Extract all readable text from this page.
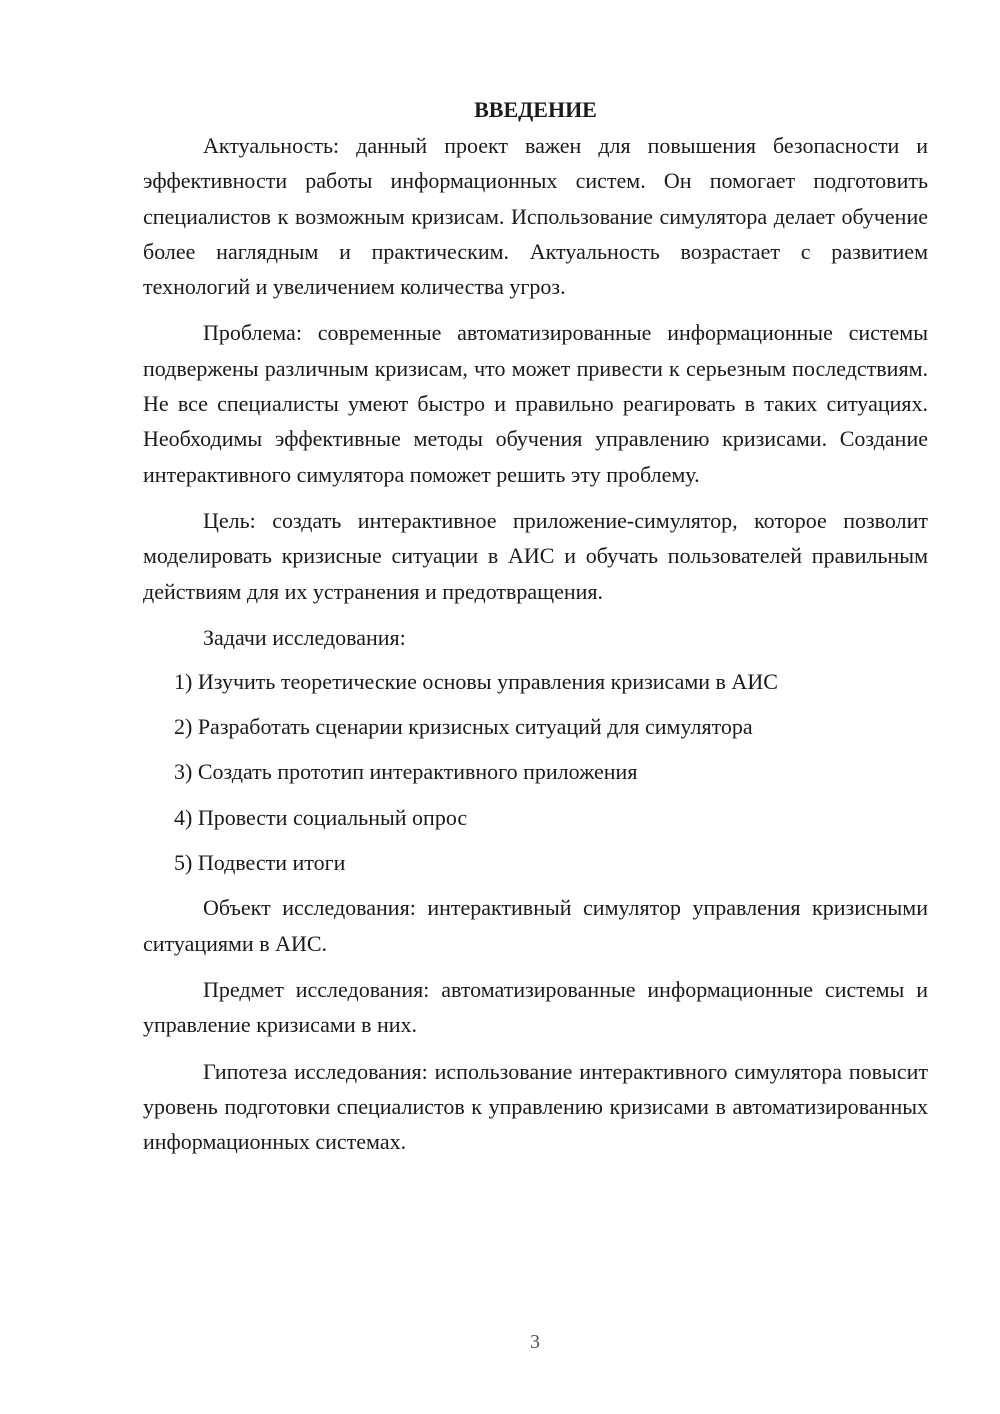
ВВЕДЕНИЕ

Актуальность: данный проект важен для повышения безопасности и эффективности работы информационных систем. Он помогает подготовить специалистов к возможным кризисам. Использование симулятора делает обучение более наглядным и практическим. Актуальность возрастает с развитием технологий и увеличением количества угроз.

Проблема: современные автоматизированные информационные системы подвержены различным кризисам, что может привести к серьезным последствиям. Не все специалисты умеют быстро и правильно реагировать в таких ситуациях. Необходимы эффективные методы обучения управлению кризисами. Создание интерактивного симулятора поможет решить эту проблему.

Цель: создать интерактивное приложение-симулятор, которое позволит моделировать кризисные ситуации в АИС и обучать пользователей правильным действиям для их устранения и предотвращения.

Задачи исследования:

1) Изучить теоретические основы управления кризисами в АИС
2) Разработать сценарии кризисных ситуаций для симулятора
3) Создать прототип интерактивного приложения
4) Провести социальный опрос
5) Подвести итоги

Объект исследования: интерактивный симулятор управления кризисными ситуациями в АИС.

Предмет исследования: автоматизированные информационные системы и управление кризисами в них.

Гипотеза исследования: использование интерактивного симулятора повысит уровень подготовки специалистов к управлению кризисами в автоматизированных информационных системах.

3
